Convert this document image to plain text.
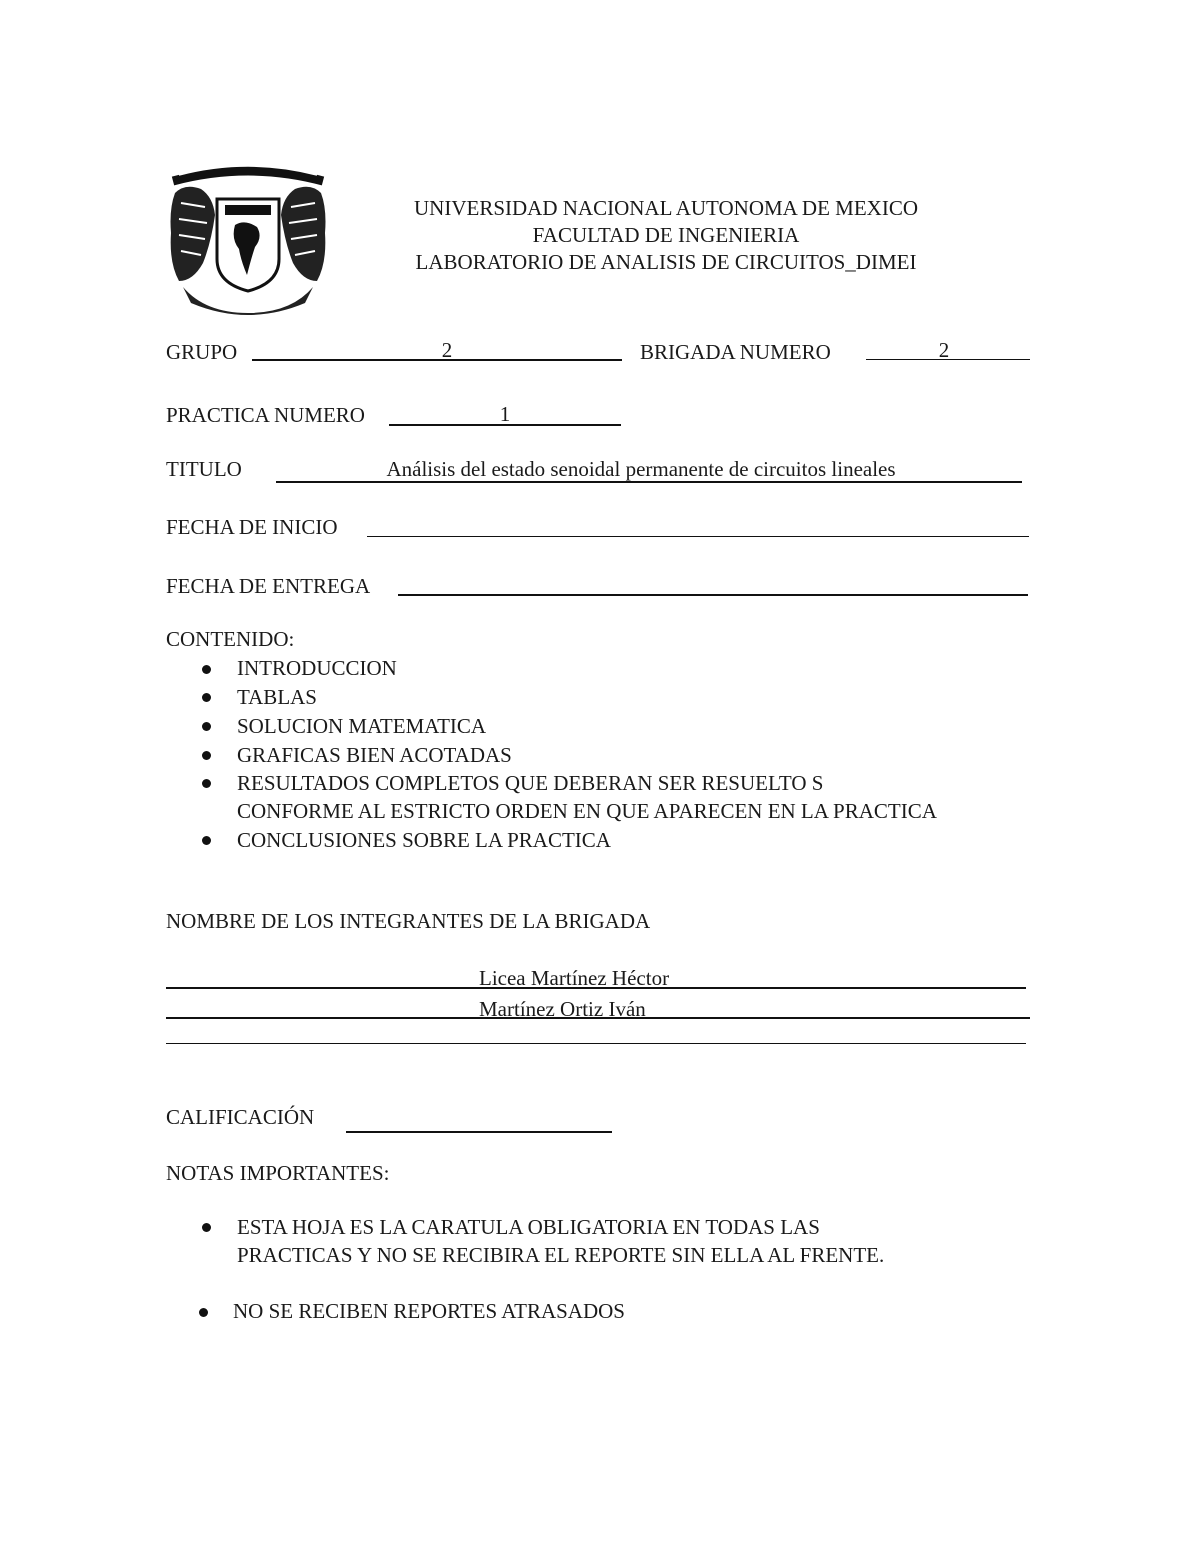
UNIVERSIDAD NACIONAL AUTONOMA DE MEXICO
FACULTAD DE INGENIERIA
LABORATORIO DE ANALISIS DE CIRCUITOS_DIMEI
GRUPO	2	BRIGADA NUMERO	2
PRACTICA NUMERO	1
TITULO	Análisis del estado senoidal permanente de circuitos lineales
FECHA DE INICIO
FECHA DE ENTREGA
CONTENIDO:
INTRODUCCION
TABLAS
SOLUCION MATEMATICA
GRAFICAS BIEN ACOTADAS
RESULTADOS COMPLETOS QUE DEBERAN SER RESUELTO S
CONFORME AL ESTRICTO ORDEN EN QUE APARECEN EN LA PRACTICA
CONCLUSIONES SOBRE LA PRACTICA
NOMBRE DE LOS INTEGRANTES DE LA BRIGADA
Licea Martínez Héctor
Martínez Ortiz Iván
CALIFICACIÓN
NOTAS IMPORTANTES:
ESTA HOJA ES LA CARATULA OBLIGATORIA EN TODAS LAS
PRACTICAS Y NO SE RECIBIRA EL REPORTE SIN ELLA AL FRENTE.
NO SE RECIBEN REPORTES ATRASADOS
